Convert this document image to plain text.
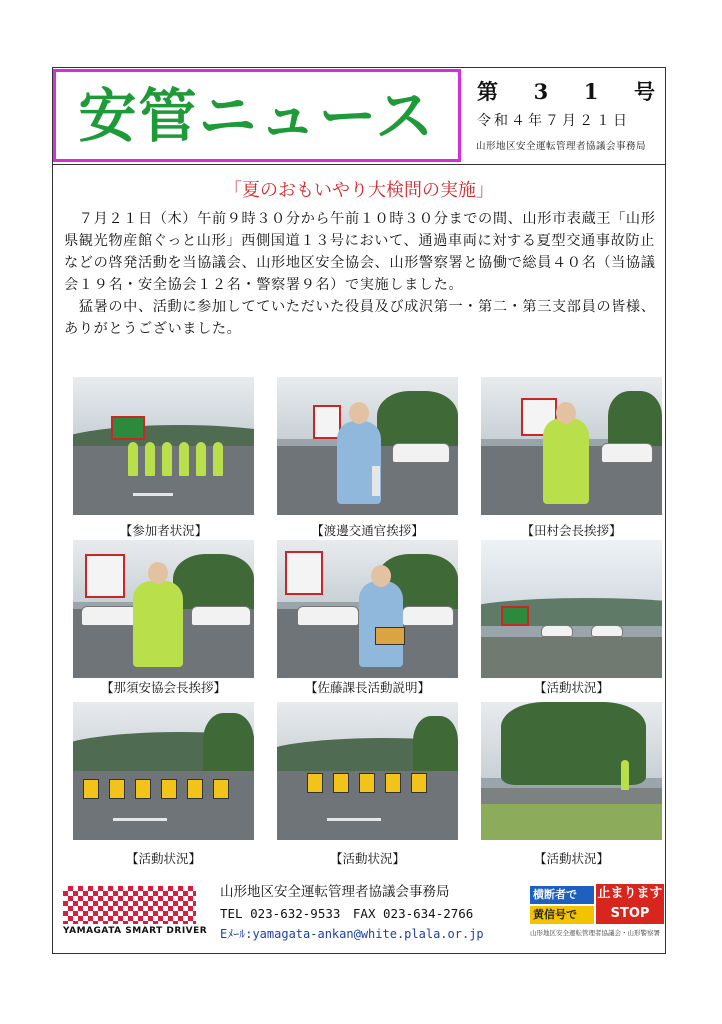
安管ニュース 第 3 1 号
令和４年７月２１日
山形地区安全運転管理者協議会事務局
「夏のおもいやり大検問の実施」

　７月２１日（木）午前９時３０分から午前１０時３０分までの間、山形市表蔵王「山形県観光物産館ぐっと山形」西側国道１３号において、通過車両に対する夏型交通事故防止などの啓発活動を当協議会、山形地区安全協会、山形警察署と協働で総員４０名（当協議会１９名・安全協会１２名・警察署９名）で実施しました。

　猛暑の中、活動に参加してていただいた役員及び成沢第一・第二・第三支部員の皆様、ありがとうございました。

【参加者状況】	【渡邊交通官挨拶】	【田村会長挨拶】
【那須安協会長挨拶】	【佐藤課長活動説明】	【活動状況】
【活動状況】	【活動状況】	【活動状況】
YAMAGATA SMART DRIVER
山形地区安全運転管理者協議会事務局
TEL 023-632-9533　FAX 023-634-2766
Eﾒｰﾙ:yamagata-ankan@white.plala.or.jp
横断者で
黄信号で
止まります
STOP
山形地区安全運転管理者協議会・山形警察署
